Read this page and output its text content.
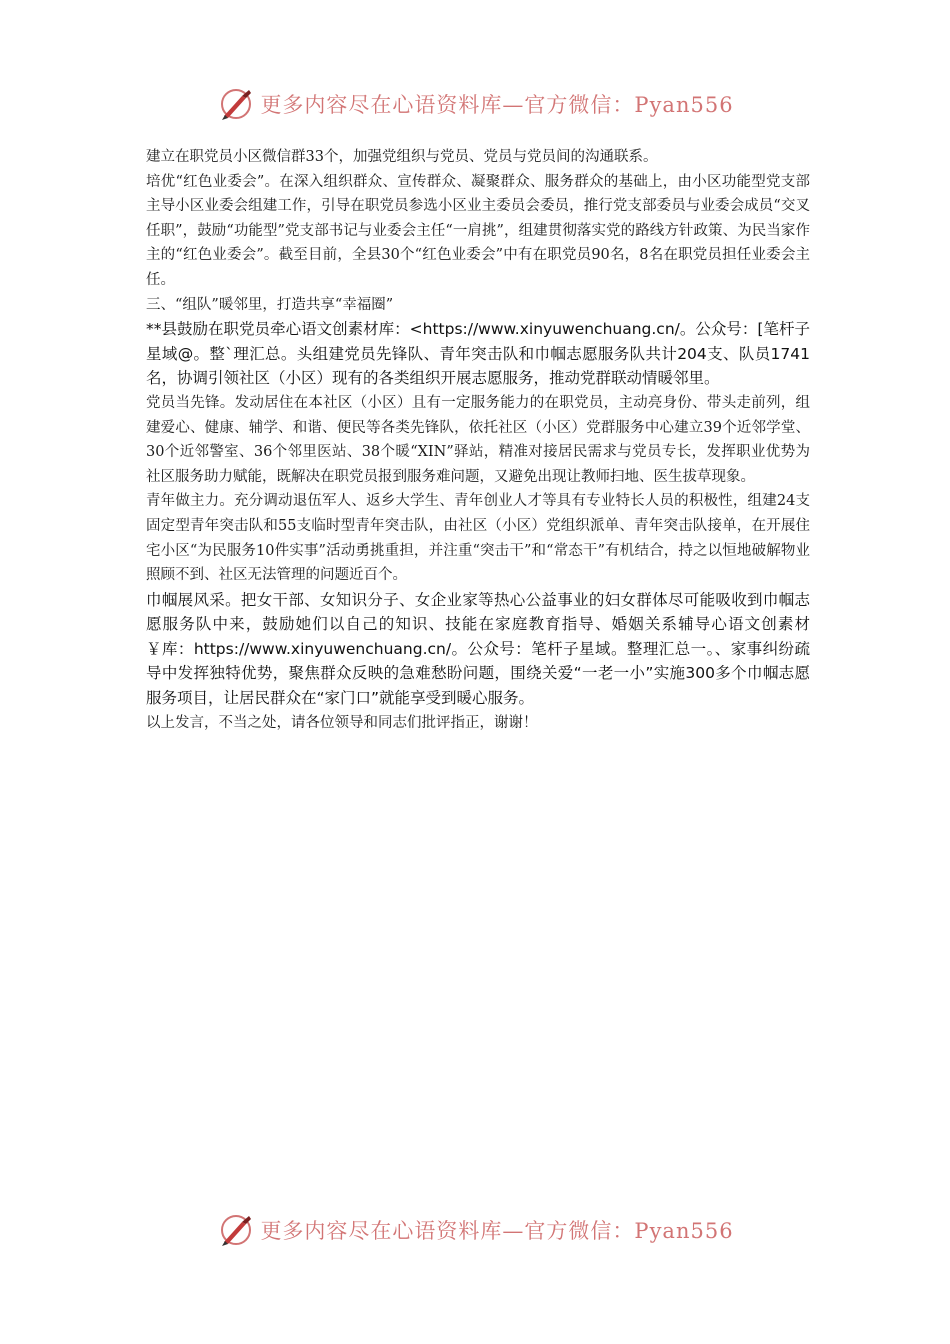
更多内容尽在心语资料库—官方微信：Pyan556

建立在职党员小区微信群33个，加强党组织与党员、党员与党员间的沟通联系。

培优“红色业委会”。在深入组织群众、宣传群众、凝聚群众、服务群众的基础上，由小区功能型党支部主导小区业委会组建工作，引导在职党员参选小区业主委员会委员，推行党支部委员与业委会成员“交叉任职”，鼓励“功能型”党支部书记与业委会主任“一肩挑”，组建贯彻落实党的路线方针政策、为民当家作主的“红色业委会”。截至目前，全县30个“红色业委会”中有在职党员90名，8名在职党员担任业委会主任。

三、“组队”暖邻里，打造共享“幸福圈”

**县鼓励在职党员牵心语文创素材库：<https://www.xinyuwenchuang.cn/。公众号：[笔杆子星域@。整`理汇总。头组建党员先锋队、青年突击队和巾帼志愿服务队共计204支、队员1741名，协调引领社区（小区）现有的各类组织开展志愿服务，推动党群联动情暖邻里。

党员当先锋。发动居住在本社区（小区）且有一定服务能力的在职党员，主动亮身份、带头走前列，组建爱心、健康、辅学、和谐、便民等各类先锋队，依托社区（小区）党群服务中心建立39个近邻学堂、30个近邻警室、36个邻里医站、38个暖“XIN”驿站，精准对接居民需求与党员专长，发挥职业优势为社区服务助力赋能，既解决在职党员报到服务难问题，又避免出现让教师扫地、医生拔草现象。

青年做主力。充分调动退伍军人、返乡大学生、青年创业人才等具有专业特长人员的积极性，组建24支固定型青年突击队和55支临时型青年突击队，由社区（小区）党组织派单、青年突击队接单，在开展住宅小区“为民服务10件实事”活动勇挑重担，并注重“突击干”和“常态干”有机结合，持之以恒地破解物业照顾不到、社区无法管理的问题近百个。

巾帼展风采。把女干部、女知识分子、女企业家等热心公益事业的妇女群体尽可能吸收到巾帼志愿服务队中来，鼓励她们以自己的知识、技能在家庭教育指导、婚姻关系辅导心语文创素材￥库：https://www.xinyuwenchuang.cn/。公众号：笔杆子星域。整理汇总一。、家事纠纷疏导中发挥独特优势，聚焦群众反映的急难愁盼问题，围绕关爱“一老一小”实施300多个巾帼志愿服务项目，让居民群众在“家门口”就能享受到暖心服务。

以上发言，不当之处，请各位领导和同志们批评指正，谢谢！

更多内容尽在心语资料库—官方微信：Pyan556
